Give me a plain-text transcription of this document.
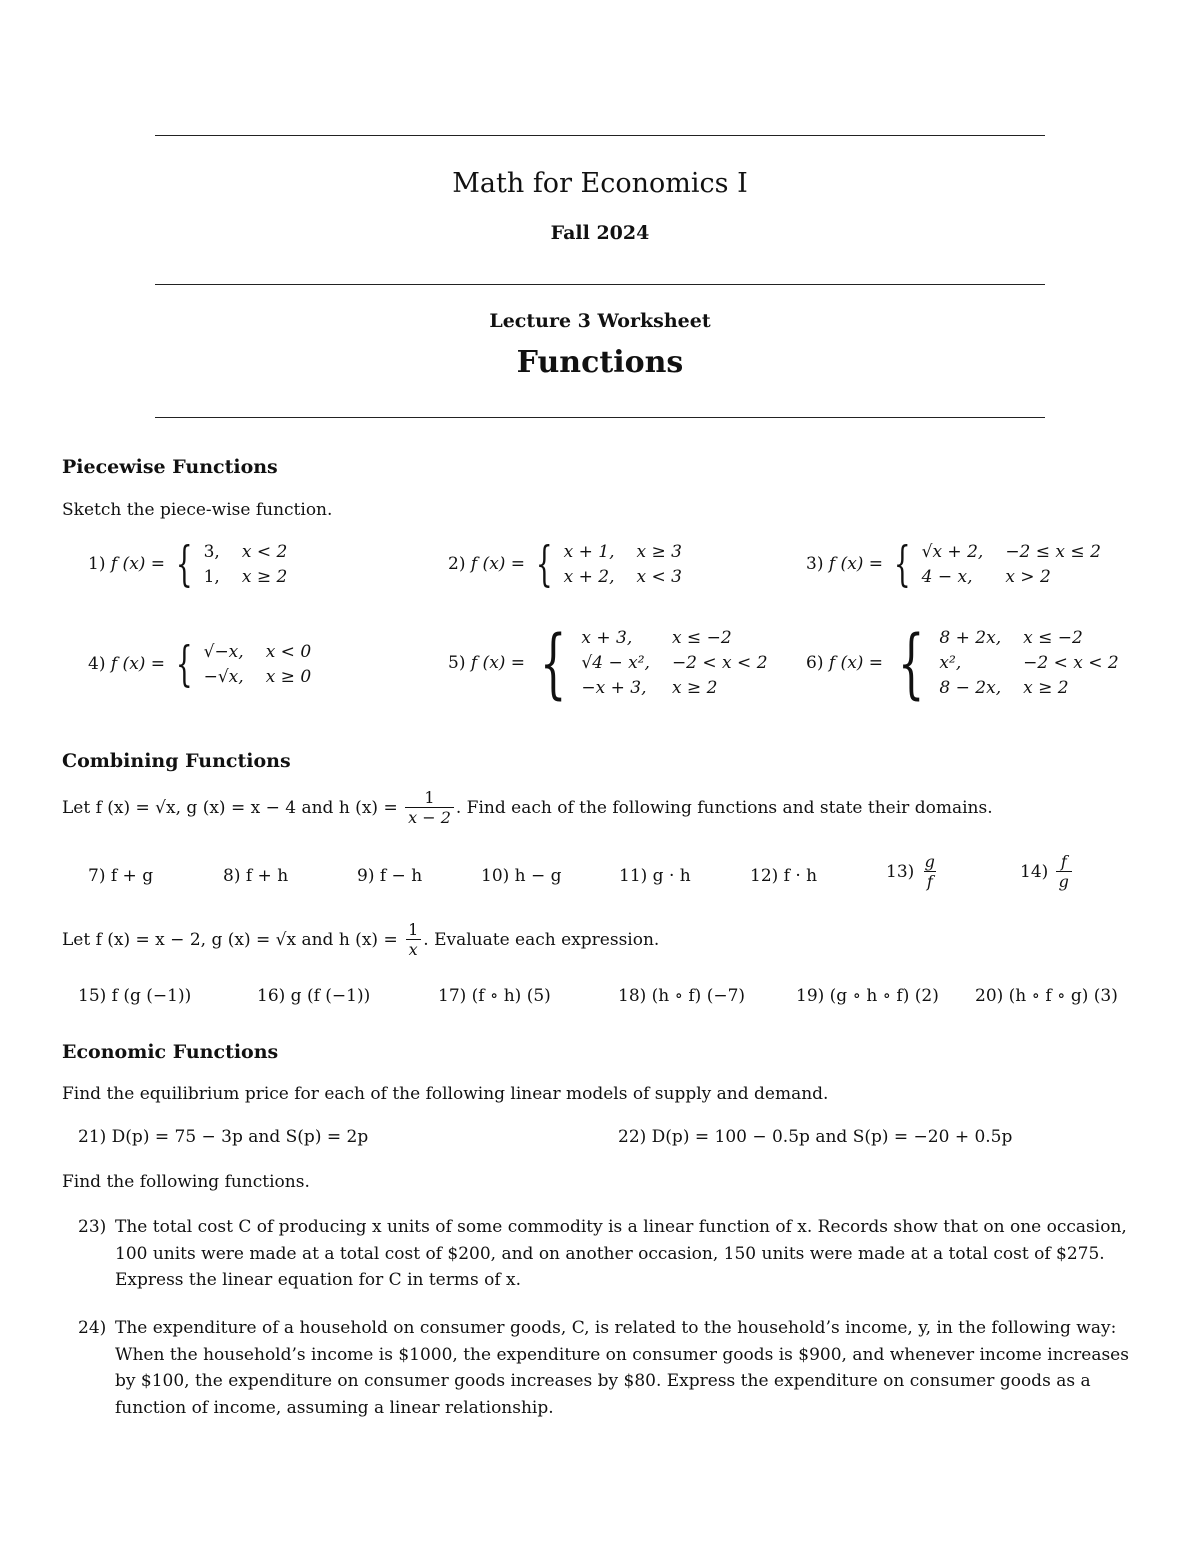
Math for Economics I
Fall 2024
Lecture 3 Worksheet
Functions
Piecewise Functions
Sketch the piece-wise function.
1)
f (x) = { 3, x < 2
1, x ≥ 2
2)
f (x) = { x + 1, x ≥ 3
x + 2, x < 3
3)
f (x) = { √x + 2, −2 ≤ x ≤ 2
4 − x,	x > 2
4)
f (x) = { √−x, x < 0
−√x, x ≥ 0
5)
f (x) = { x + 3,	x ≤ −2
√4 − x², −2 < x < 2
−x + 3, x ≥ 2
6)
f (x) = { 8 + 2x, x ≤ −2
x²,	−2 < x < 2
8 − 2x, x ≥ 2
Combining Functions
Let f (x) = √x, g (x) = x − 4 and h (x) =
$\frac{1}{x - 2}$ . Find each of the following functions and state their domains.
7) f + g	8) f + h	9) f − h	10) h − g	11) g · h	12) f · h	13)
$\frac{g}{f}$	14)
$\frac{f}{g}$
Let f (x) = x − 2, g (x) = √x and h (x) =
$\frac{1}{x}$ . Evaluate each expression.
15) f (g (−1))	16) g (f (−1))	17) (f ∘ h) (5)	18) (h ∘ f) (−7)	19) (g ∘ h ∘ f) (2) 20) (h ∘ f ∘ g) (3)
Economic Functions
Find the equilibrium price for each of the following linear models of supply and demand.
21) D(p) = 75 − 3p and S(p) = 2p	22) D(p) = 100 − 0.5p and S(p) = −20 + 0.5p
Find the following functions.
23) The total cost C of producing x units of some commodity is a linear function of x. Records show that on one occasion, 100 units were made at a total cost of $200, and on another occasion, 150 units were made at a total cost of $275. Express the linear equation for C in terms of x.
24) The expenditure of a household on consumer goods, C, is related to the household’s income, y, in the following way: When the household’s income is $1000, the expenditure on consumer goods is $900, and whenever income increases by $100, the expenditure on consumer goods increases by $80. Express the expenditure on consumer goods as a function of income, assuming a linear relationship.
